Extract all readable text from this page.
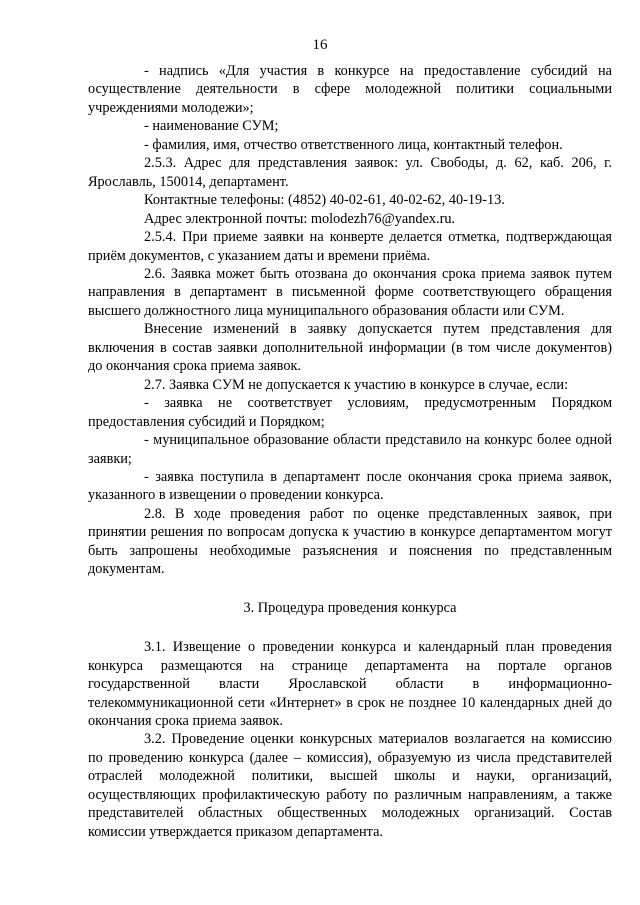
16

- надпись «Для участия в конкурсе на предоставление субсидий на осуществление деятельности в сфере молодежной политики социальными учреждениями молодежи»;

- наименование СУМ;

- фамилия, имя, отчество ответственного лица, контактный телефон.

2.5.3. Адрес для представления заявок: ул. Свободы, д. 62, каб. 206, г. Ярославль, 150014, департамент.

Контактные телефоны: (4852) 40-02-61, 40-02-62, 40-19-13.

Адрес электронной почты: molodezh76@yandex.ru.

2.5.4. При приеме заявки на конверте делается отметка, подтверждающая приём документов, с указанием даты и времени приёма.

2.6. Заявка может быть отозвана до окончания срока приема заявок путем направления в департамент в письменной форме соответствующего обращения высшего должностного лица муниципального образования области или СУМ.

Внесение изменений в заявку допускается путем представления для включения в состав заявки дополнительной информации (в том числе документов) до окончания срока приема заявок.

2.7. Заявка СУМ не допускается к участию в конкурсе в случае, если:

- заявка не соответствует условиям, предусмотренным Порядком предоставления субсидий и Порядком;

- муниципальное образование области представило на конкурс более одной заявки;

- заявка поступила в департамент после окончания срока приема заявок, указанного в извещении о проведении конкурса.

2.8. В ходе проведения работ по оценке представленных заявок, при принятии решения по вопросам допуска к участию в конкурсе департаментом могут быть запрошены необходимые разъяснения и пояснения по представленным документам.

3. Процедура проведения конкурса

3.1. Извещение о проведении конкурса и календарный план проведения конкурса размещаются на странице департамента на портале органов государственной власти Ярославской области в информационно-телекоммуникационной сети «Интернет» в срок не позднее 10 календарных дней до окончания срока приема заявок.

3.2. Проведение оценки конкурсных материалов возлагается на комиссию по проведению конкурса (далее – комиссия), образуемую из числа представителей отраслей молодежной политики, высшей школы и науки, организаций, осуществляющих профилактическую работу по различным направлениям, а также представителей областных общественных молодежных организаций. Состав комиссии утверждается приказом департамента.
